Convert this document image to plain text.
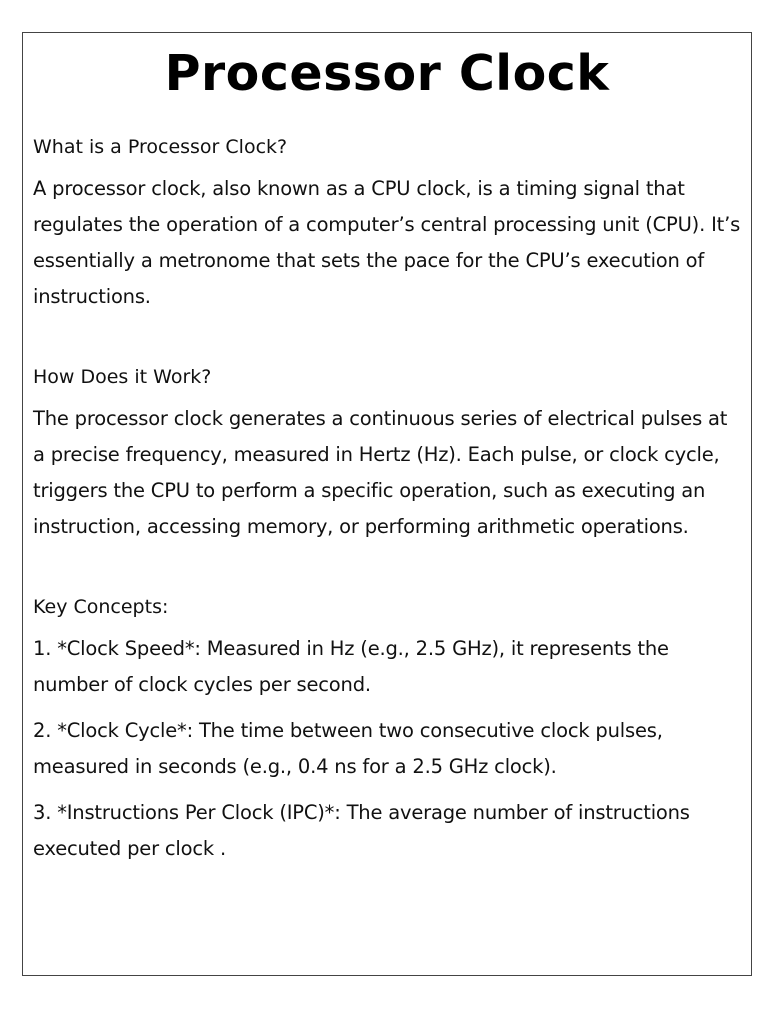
Processor Clock

What is a Processor Clock?

A processor clock, also known as a CPU clock, is a timing signal that regulates the operation of a computer’s central processing unit (CPU). It’s essentially a metronome that sets the pace for the CPU’s execution of instructions.

How Does it Work?

The processor clock generates a continuous series of electrical pulses at a precise frequency, measured in Hertz (Hz). Each pulse, or clock cycle, triggers the CPU to perform a specific operation, such as executing an instruction, accessing memory, or performing arithmetic operations.

Key Concepts:

1. *Clock Speed*: Measured in Hz (e.g., 2.5 GHz), it represents the number of clock cycles per second.

2. *Clock Cycle*: The time between two consecutive clock pulses, measured in seconds (e.g., 0.4 ns for a 2.5 GHz clock).

3. *Instructions Per Clock (IPC)*: The average number of instructions executed per clock .
